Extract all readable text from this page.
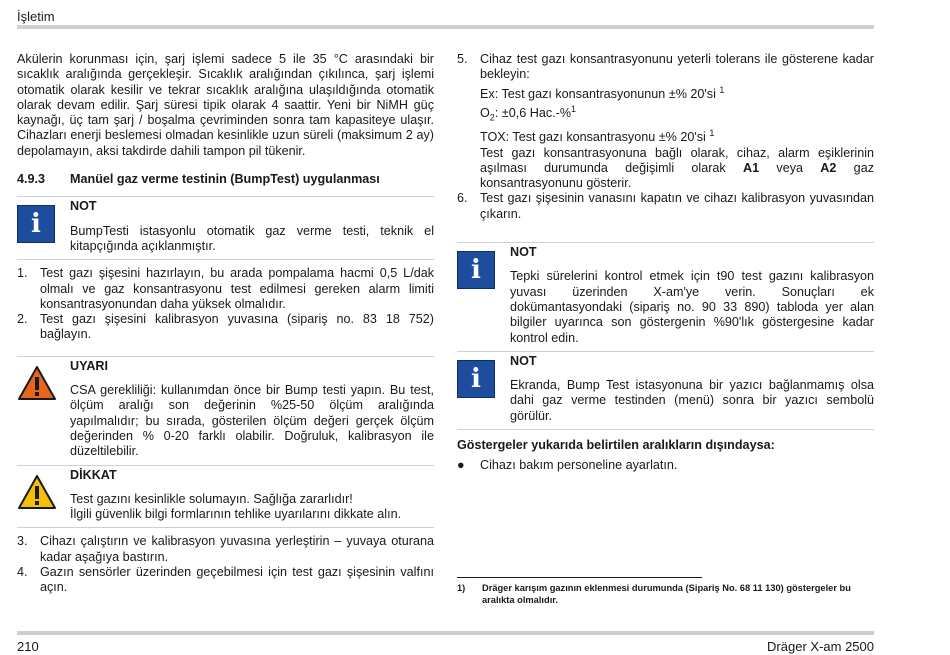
İşletim

Akülerin korunması için, şarj işlemi sadece 5 ile 35 °C arasındaki bir sıcaklık aralığında gerçekleşir. Sıcaklık aralığından çıkılınca, şarj işlemi otomatik olarak kesilir ve tekrar sıcaklık aralığına ulaşıldığında otomatik olarak devam edilir. Şarj süresi tipik olarak 4 saattir. Yeni bir NiMH güç kaynağı, üç tam şarj / boşalma çevriminden sonra tam kapasiteye ulaşır. Cihazları enerji beslemesi olmadan kesinlikle uzun süreli (maksimum 2 ay) depolamayın, aksi takdirde dahili tampon pil tükenir.

4.9.3	Manüel gaz verme testinin (BumpTest) uygulanması
i
NOT

BumpTesti istasyonlu otomatik gaz verme testi, teknik el kitapçığında açıklanmıştır.

1. Test gazı şişesini hazırlayın, bu arada pompalama hacmi 0,5 L/dak olmalı ve gaz konsantrasyonu test edilmesi gereken alarm limiti konsantrasyonundan daha yüksek olmalıdır.
2. Test gazı şişesini kalibrasyon yuvasına (sipariş no. 83 18 752) bağlayın.
UYARI

CSA gerekliliği: kullanımdan önce bir Bump testi yapın. Bu test, ölçüm aralığı son değerinin %25-50 ölçüm aralığında yapılmalıdır; bu sırada, gösterilen ölçüm değeri gerçek ölçüm değerinden % 0-20 farklı olabilir. Doğruluk, kalibrasyon ile düzeltilebilir.

DİKKAT

Test gazını kesinlikle solumayın. Sağlığa zararlıdır!

İlgili güvenlik bilgi formlarının tehlike uyarılarını dikkate alın.

3. Cihazı çalıştırın ve kalibrasyon yuvasına yerleştirin – yuvaya oturana kadar aşağıya bastırın.
4. Gazın sensörler üzerinden geçebilmesi için test gazı şişesinin valfını açın.
5. Cihaz test gazı konsantrasyonunu yeterli tolerans ile gösterene kadar bekleyin:
Ex: Test gazı konsantrasyonunun ±% 20'si $^1$
$O_2$: ±0,6 Hac.-%$^1$
TOX: Test gazı konsantrasyonu ±% 20'si $^1$
Test gazı konsantrasyonuna bağlı olarak, cihaz, alarm eşiklerinin aşılması durumunda değişimli olarak A1 veya A2 gaz konsantrasyonunu gösterir.
6. Test gazı şişesinin vanasını kapatın ve cihazı kalibrasyon yuvasından çıkarın.
i
NOT

Tepki sürelerini kontrol etmek için t90 test gazını kalibrasyon yuvası üzerinden X-am'ye verin. Sonuçları ek dokümantasyondaki (sipariş no. 90 33 890) tabloda yer alan bilgiler uyarınca son göstergenin %90'lık göstergesine kadar kontrol edin.

i
NOT

Ekranda, Bump Test istasyonuna bir yazıcı bağlanmamış olsa dahi gaz verme testinden (menü) sonra bir yazıcı sembolü görülür.

Göstergeler yukarıda belirtilen aralıkların dışındaysa:
●	Cihazı bakım personeline ayarlatın.
1)	Dräger karışım gazının eklenmesi durumunda (Sipariş No. 68 11 130) göstergeler bu aralıkta olmalıdır.
210	Dräger X-am 2500
